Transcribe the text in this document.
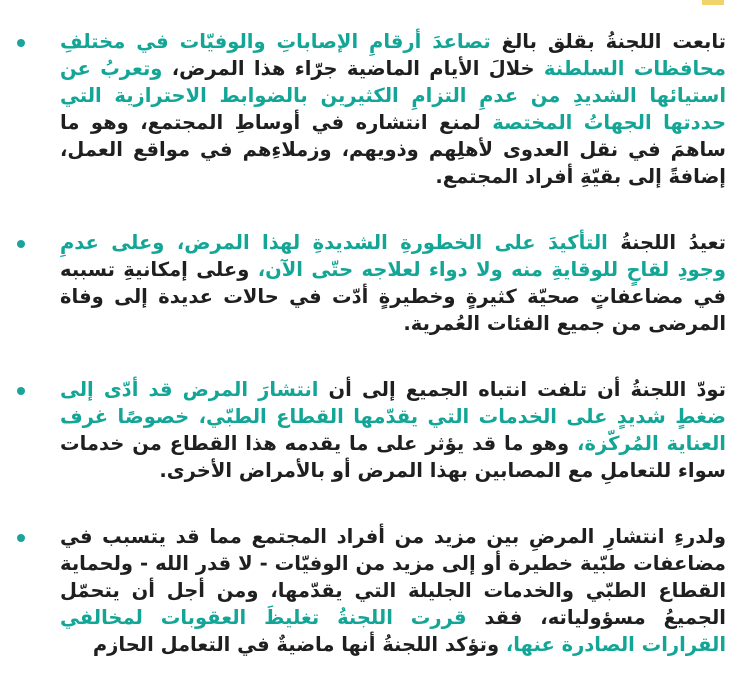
تابعت اللجنةُ بقلق بالغ تصاعدَ أرقامِ الإصاباتِ والوفيّات في مختلفِ محافظات السلطنة خلالَ الأيام الماضية جرّاء هذا المرض، وتعربُ عن استيائها الشديدِ من عدمِ التزامِ الكثيرين بالضوابط الاحترازية التي حددتها الجهاتُ المختصة لمنع انتشاره في أوساطِ المجتمع، وهو ما ساهمَ في نقل العدوى لأهلِهم وذويهم، وزملاءِهم في مواقع العمل، إضافةً إلى بقيّةِ أفراد المجتمع.
تعيدُ اللجنةُ التأكيدَ على الخطورةِ الشديدةِ لهذا المرض، وعلى عدمِ وجودِ لقاحٍ للوقايةِ منه ولا دواء لعلاجه حتّى الآن، وعلى إمكانيةِ تسببه في مضاعفاتٍ صحيّة كثيرةٍ وخطيرةٍ أدّت في حالات عديدة إلى وفاة المرضى من جميع الفئات العُمرية.
تودّ اللجنةُ أن تلفت انتباه الجميع إلى أن انتشارَ المرض قد أدّى إلى ضغطٍ شديدٍ على الخدمات التي يقدّمها القطاع الطبّي، خصوصًا غرف العناية المُركّزة، وهو ما قد يؤثر على ما يقدمه هذا القطاع من خدمات سواء للتعاملِ مع المصابين بهذا المرض أو بالأمراض الأخرى.
ولدرءِ انتشارِ المرضِ بين مزيد من أفراد المجتمع مما قد يتسبب في مضاعفات طبّية خطيرة أو إلى مزيد من الوفيّات - لا قدر الله - ولحماية القطاع الطبّي والخدمات الجليلة التي يقدّمها، ومن أجل أن يتحمّل الجميعُ مسؤولياته، فقد قررت اللجنةُ تغليظَ العقوبات لمخالفي القرارات الصادرة عنها، وتؤكد اللجنةُ أنها ماضيةٌ في التعامل الحازم
